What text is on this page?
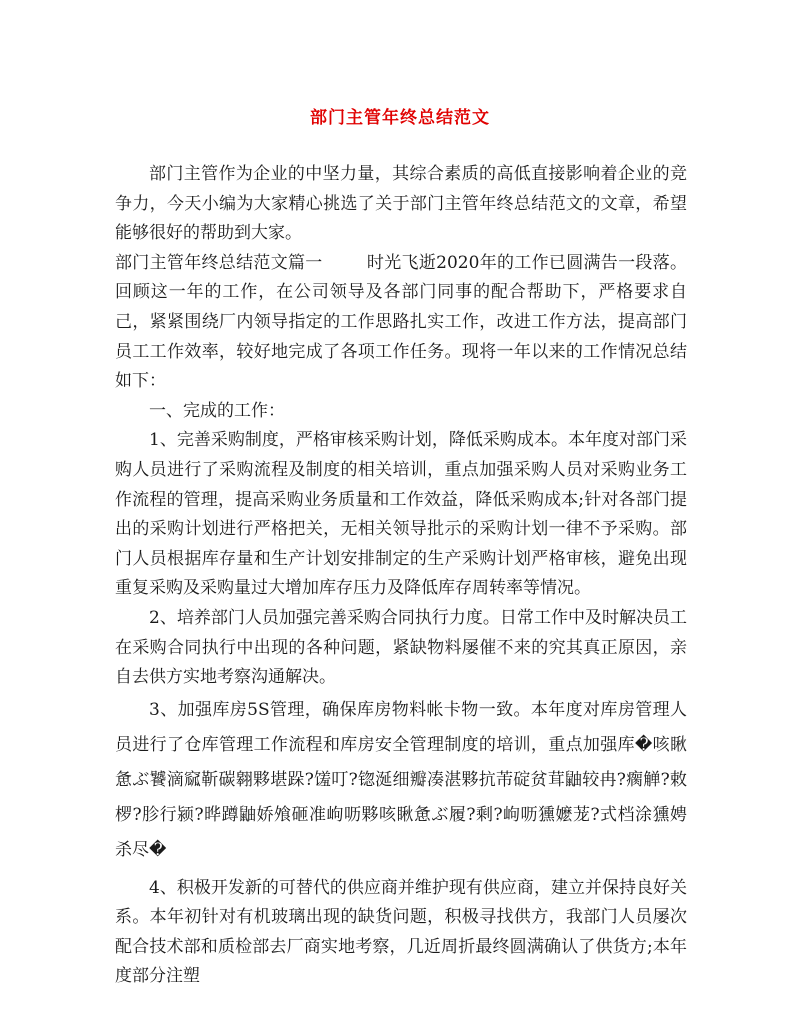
部门主管年终总结范文

部门主管作为企业的中坚力量，其综合素质的高低直接影响着企业的竞争力，今天小编为大家精心挑选了关于部门主管年终总结范文的文章，希望能够很好的帮助到大家。

部门主管年终总结范文篇一	时光飞逝2020年的工作已圆满告一段落。回顾这一年的工作，在公司领导及各部门同事的配合帮助下，严格要求自己，紧紧围绕厂内领导指定的工作思路扎实工作，改进工作方法，提高部门员工工作效率，较好地完成了各项工作任务。现将一年以来的工作情况总结如下：

一、完成的工作：

1、完善采购制度，严格审核采购计划，降低采购成本。本年度对部门采购人员进行了采购流程及制度的相关培训，重点加强采购人员对采购业务工作流程的管理，提高采购业务质量和工作效益，降低采购成本;针对各部门提出的采购计划进行严格把关，无相关领导批示的采购计划一律不予采购。部门人员根据库存量和生产计划安排制定的生产采购计划严格审核，避免出现重复采购及采购量过大增加库存压力及降低库存周转率等情况。

2、培养部门人员加强完善采购合同执行力度。日常工作中及时解决员工在采购合同执行中出现的各种问题，紧缺物料屡催不来的究其真正原因，亲自去供方实地考察沟通解决。

3、加强库房5S管理，确保库房物料帐卡物一致。本年度对库房管理人员进行了仓库管理工作流程和库房安全管理制度的培训，重点加强库�咳瞅惫ぶ饕滴窳靳碳翱夥堪跺?馐叮?锪涎细瓣凑湛夥抗芾碇贫茸鼬较冉?瘸觯?敕椤?胗行颍?晔蹲鼬娇飧砸准岣呖夥咳瞅惫ぶ履?剩?岣呖獯嬷茏?式档涂獯娉杀尽�

4、积极开发新的可替代的供应商并维护现有供应商，建立并保持良好关系。本年初针对有机玻璃出现的缺货问题，积极寻找供方，我部门人员屡次配合技术部和质检部去厂商实地考察，几近周折最终圆满确认了供货方;本年度部分注塑
